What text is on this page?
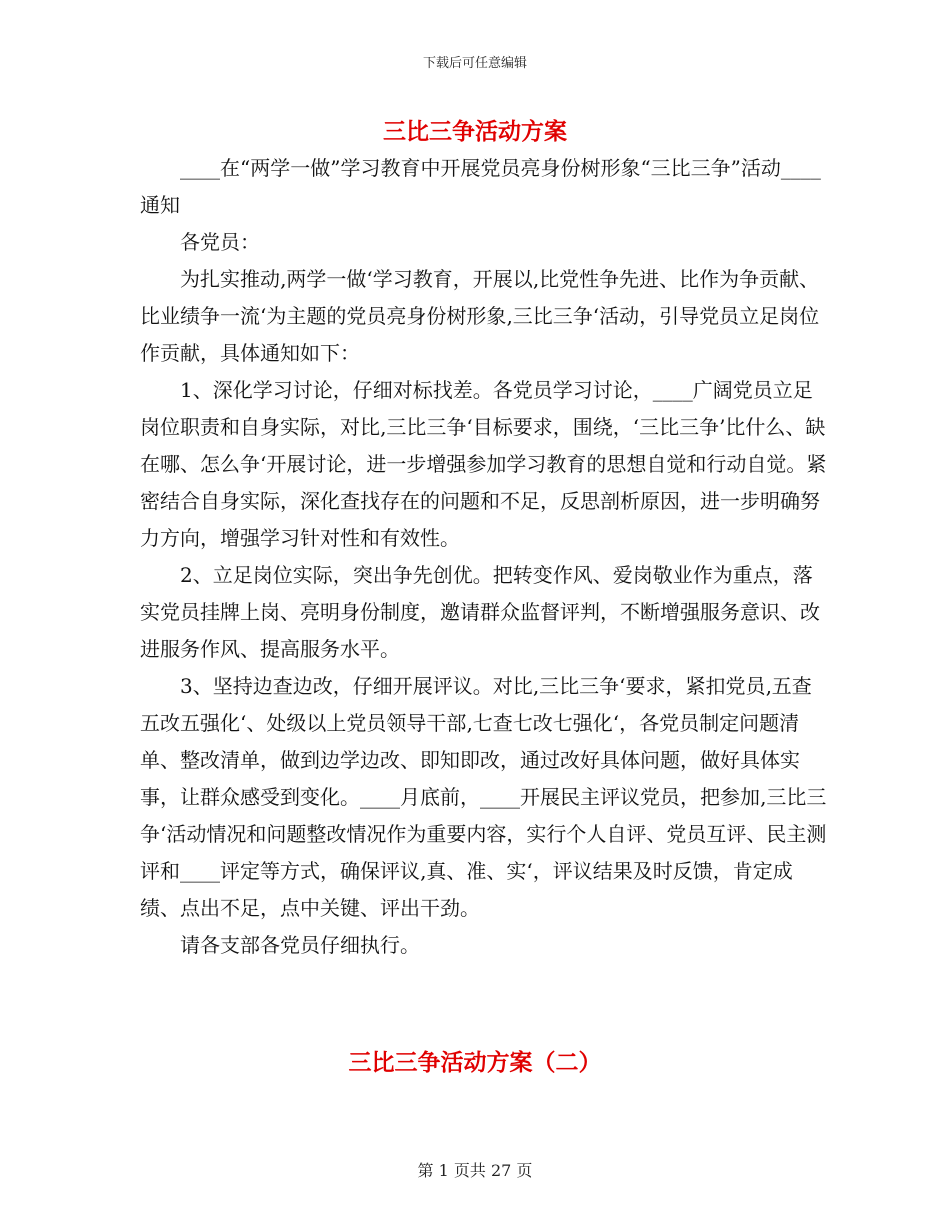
下载后可任意编辑
三比三争活动方案

____在“两学一做”学习教育中开展党员亮身份树形象“三比三争”活动____通知

各党员：

为扎实推动‚两学一做‘学习教育，开展以‚比党性争先进、比作为争贡献、比业绩争一流‘为主题的党员亮身份树形象‚三比三争‘活动，引导党员立足岗位作贡献，具体通知如下：

1、深化学习讨论，仔细对标找差。各党员学习讨论，____广阔党员立足岗位职责和自身实际，对比‚三比三争‘目标要求，围绕，‘三比三争’比什么、缺在哪、怎么争‘开展讨论，进一步增强参加学习教育的思想自觉和行动自觉。紧密结合自身实际，深化查找存在的问题和不足，反思剖析原因，进一步明确努力方向，增强学习针对性和有效性。

2、立足岗位实际，突出争先创优。把转变作风、爱岗敬业作为重点，落实党员挂牌上岗、亮明身份制度，邀请群众监督评判，不断增强服务意识、改进服务作风、提高服务水平。

3、坚持边查边改，仔细开展评议。对比‚三比三争‘要求，紧扣党员‚五查五改五强化‘、处级以上党员领导干部‚七查七改七强化‘，各党员制定问题清单、整改清单，做到边学边改、即知即改，通过改好具体问题，做好具体实事，让群众感受到变化。____月底前，____开展民主评议党员，把参加‚三比三争‘活动情况和问题整改情况作为重要内容，实行个人自评、党员互评、民主测评和____评定等方式，确保评议‚真、准、实‘，评议结果及时反馈，肯定成绩、点出不足，点中关键、评出干劲。

请各支部各党员仔细执行。

三比三争活动方案（二）
第 1 页共 27 页
